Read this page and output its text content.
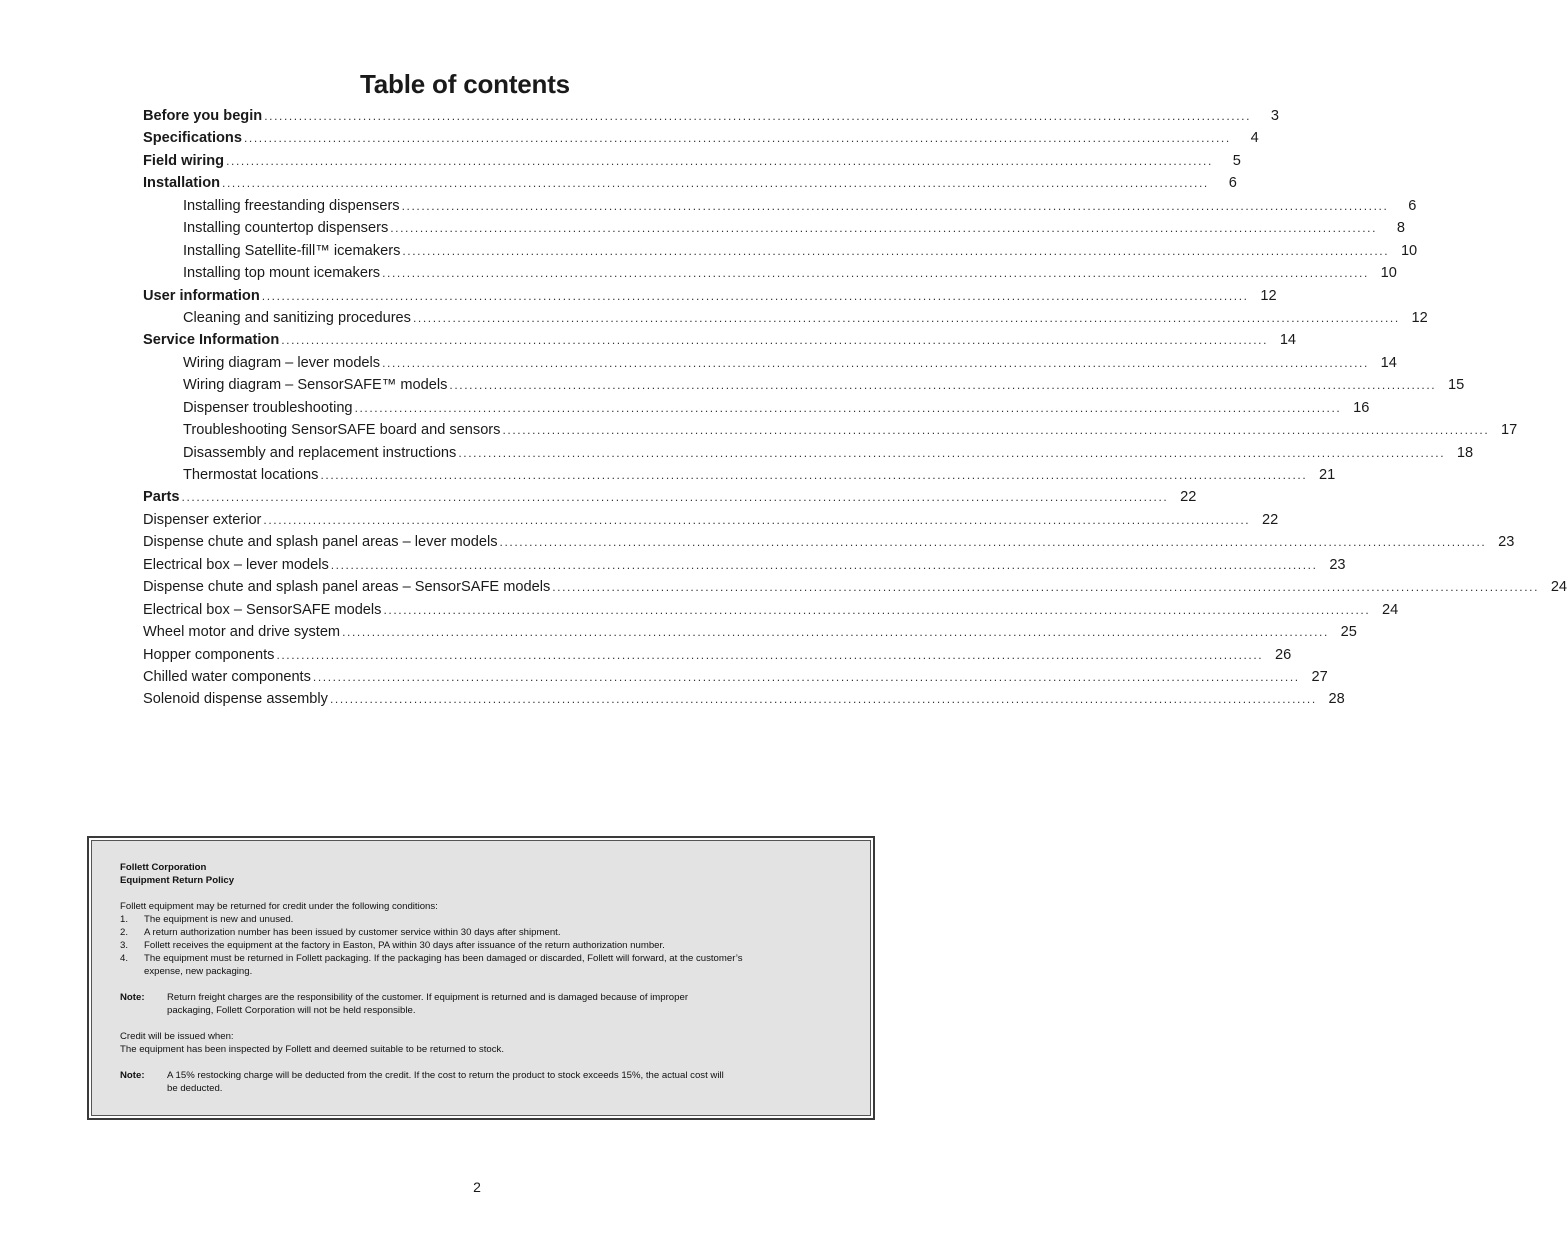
Table of contents
Before you begin ........................................................................................................................................................................................................	3
Specifications ........................................................................................................................................................................................................	4
Field wiring ........................................................................................................................................................................................................	5
Installation ........................................................................................................................................................................................................	6
Installing freestanding dispensers ........................................................................................................................................................................................................	6
Installing countertop dispensers ........................................................................................................................................................................................................	8
Installing Satellite-fill™ icemakers ........................................................................................................................................................................................................ 10
Installing top mount icemakers ........................................................................................................................................................................................................ 10
User information ........................................................................................................................................................................................................ 12
Cleaning and sanitizing procedures ........................................................................................................................................................................................................ 12
Service Information ........................................................................................................................................................................................................ 14
Wiring diagram – lever models ........................................................................................................................................................................................................ 14
Wiring diagram – SensorSAFE™ models ........................................................................................................................................................................................................ 15
Dispenser troubleshooting ........................................................................................................................................................................................................ 16
Troubleshooting SensorSAFE board and sensors ........................................................................................................................................................................................................ 17
Disassembly and replacement instructions ........................................................................................................................................................................................................ 18
Thermostat locations ........................................................................................................................................................................................................ 21
Parts ........................................................................................................................................................................................................ 22
Dispenser exterior ........................................................................................................................................................................................................ 22
Dispense chute and splash panel areas – lever models ........................................................................................................................................................................................................ 23
Electrical box – lever models ........................................................................................................................................................................................................ 23
Dispense chute and splash panel areas – SensorSAFE models ........................................................................................................................................................................................................ 24
Electrical box – SensorSAFE models ........................................................................................................................................................................................................ 24
Wheel motor and drive system ........................................................................................................................................................................................................ 25
Hopper components ........................................................................................................................................................................................................ 26
Chilled water components ........................................................................................................................................................................................................ 27
Solenoid dispense assembly ........................................................................................................................................................................................................ 28
Follett Corporation
Equipment Return Policy
Follett equipment may be returned for credit under the following conditions:
1.	The equipment is new and unused.
2.	A return authorization number has been issued by customer service within 30 days after shipment.
3.	Follett receives the equipment at the factory in Easton, PA within 30 days after issuance of the return authorization number.
4.	The equipment must be returned in Follett packaging. If the packaging has been damaged or discarded, Follett will forward, at the customer’s expense, new packaging.
Note:	Return freight charges are the responsibility of the customer. If equipment is returned and is damaged because of improper packaging, Follett Corporation will not be held responsible.
Credit will be issued when:
The equipment has been inspected by Follett and deemed suitable to be returned to stock.
Note:	A 15% restocking charge will be deducted from the credit. If the cost to return the product to stock exceeds 15%, the actual cost will be deducted.
2
